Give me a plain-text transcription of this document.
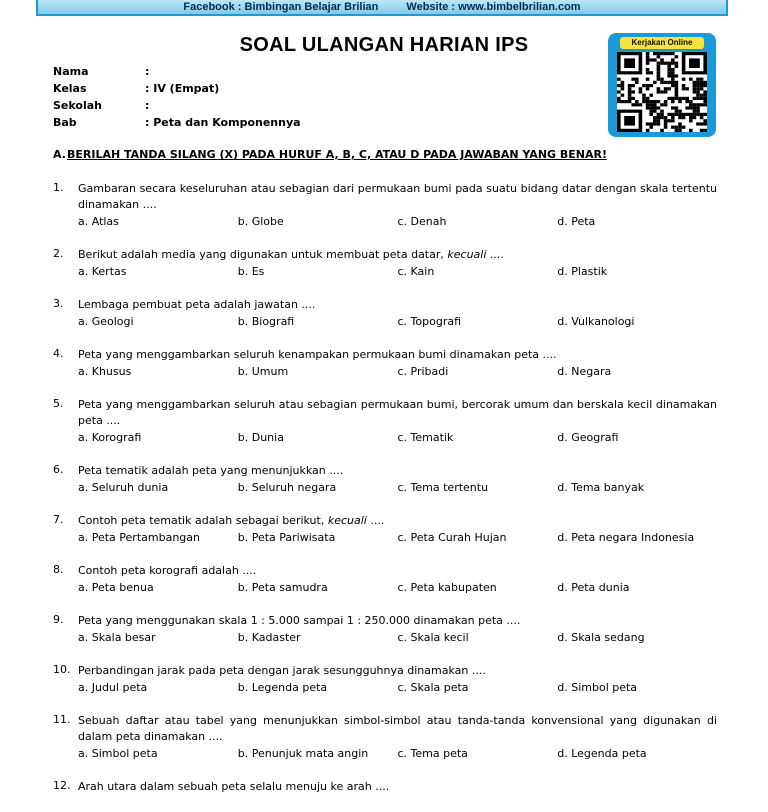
Facebook : Bimbingan Belajar Brilian	Website : www.bimbelbrilian.com
SOAL ULANGAN HARIAN IPS	Kerjakan Online
Nama	:
Kelas	: IV (Empat)
Sekolah	:
Bab	: Peta dan Komponennya
A.BERILAH TANDA SILANG (X) PADA HURUF A, B, C, ATAU D PADA JAWABAN YANG BENAR!
1.	Gambaran secara keseluruhan atau sebagian dari permukaan bumi pada suatu bidang datar dengan skala tertentu dinamakan ....
a. Atlas	b. Globe	c. Denah	d. Peta
2.	Berikut adalah media yang digunakan untuk membuat peta datar, kecuali ....
a. Kertas	b. Es	c. Kain	d. Plastik
3.	Lembaga pembuat peta adalah jawatan ....
a. Geologi	b. Biografi	c. Topografi	d. Vulkanologi
4.	Peta yang menggambarkan seluruh kenampakan permukaan bumi dinamakan peta ....
a. Khusus	b. Umum	c. Pribadi	d. Negara
5.	Peta yang menggambarkan seluruh atau sebagian permukaan bumi, bercorak umum dan berskala kecil dinamakan peta ....
a. Korografi	b. Dunia	c. Tematik	d. Geografi
6.	Peta tematik adalah peta yang menunjukkan ....
a. Seluruh dunia	b. Seluruh negara	c. Tema tertentu	d. Tema banyak
7.	Contoh peta tematik adalah sebagai berikut, kecuali ....
a. Peta Pertambangan	b. Peta Pariwisata	c. Peta Curah Hujan	d. Peta negara Indonesia
8.	Contoh peta korografi adalah ....
a. Peta benua	b. Peta samudra	c. Peta kabupaten	d. Peta dunia
9.	Peta yang menggunakan skala 1 : 5.000 sampai 1 : 250.000 dinamakan peta ....
a. Skala besar	b. Kadaster	c. Skala kecil	d. Skala sedang
10. Perbandingan jarak pada peta dengan jarak sesungguhnya dinamakan ....
a. Judul peta	b. Legenda peta	c. Skala peta	d. Simbol peta
11. Sebuah daftar atau tabel yang menunjukkan simbol-simbol atau tanda-tanda konvensional yang digunakan di dalam peta dinamakan ....
a. Simbol peta	b. Penunjuk mata angin	c. Tema peta	d. Legenda peta
12. Arah utara dalam sebuah peta selalu menuju ke arah ....
